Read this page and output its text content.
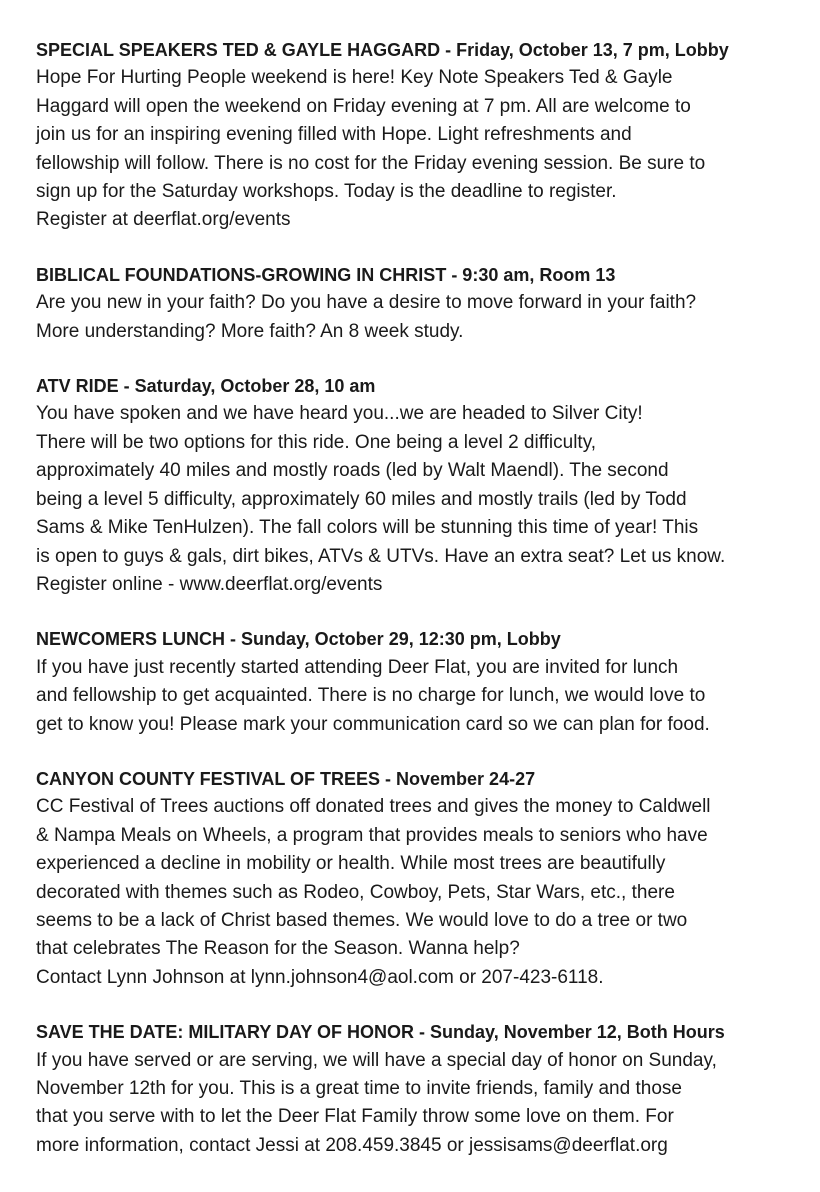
SPECIAL SPEAKERS TED & GAYLE HAGGARD - Friday, October 13, 7 pm, Lobby

Hope For Hurting People weekend is here! Key Note Speakers Ted & Gayle

Haggard will open the weekend on Friday evening at 7 pm. All are welcome to

join us for an inspiring evening filled with Hope. Light refreshments and

fellowship will follow. There is no cost for the Friday evening session. Be sure to

sign up for the Saturday workshops. Today is the deadline to register.

Register at deerflat.org/events

BIBLICAL FOUNDATIONS-GROWING IN CHRIST - 9:30 am, Room 13

Are you new in your faith? Do you have a desire to move forward in your faith?

More understanding? More faith? An 8 week study.

ATV RIDE - Saturday, October 28, 10 am

You have spoken and we have heard you...we are headed to Silver City!

There will be two options for this ride. One being a level 2 difficulty,

approximately 40 miles and mostly roads (led by Walt Maendl). The second

being a level 5 difficulty, approximately 60 miles and mostly trails (led by Todd

Sams & Mike TenHulzen). The fall colors will be stunning this time of year! This

is open to guys & gals, dirt bikes, ATVs & UTVs. Have an extra seat? Let us know.

Register online - www.deerflat.org/events

NEWCOMERS LUNCH - Sunday, October 29, 12:30 pm, Lobby

If you have just recently started attending Deer Flat, you are invited for lunch

and fellowship to get acquainted. There is no charge for lunch, we would love to

get to know you! Please mark your communication card so we can plan for food.

CANYON COUNTY FESTIVAL OF TREES - November 24-27

CC Festival of Trees auctions off donated trees and gives the money to Caldwell

& Nampa Meals on Wheels, a program that provides meals to seniors who have

experienced a decline in mobility or health. While most trees are beautifully

decorated with themes such as Rodeo, Cowboy, Pets, Star Wars, etc., there

seems to be a lack of Christ based themes. We would love to do a tree or two

that celebrates The Reason for the Season. Wanna help?

Contact Lynn Johnson at lynn.johnson4@aol.com or 207-423-6118.

SAVE THE DATE: MILITARY DAY OF HONOR - Sunday, November 12, Both Hours

If you have served or are serving, we will have a special day of honor on Sunday,

November 12th for you. This is a great time to invite friends, family and those

that you serve with to let the Deer Flat Family throw some love on them. For

more information, contact Jessi at 208.459.3845 or jessisams@deerflat.org
